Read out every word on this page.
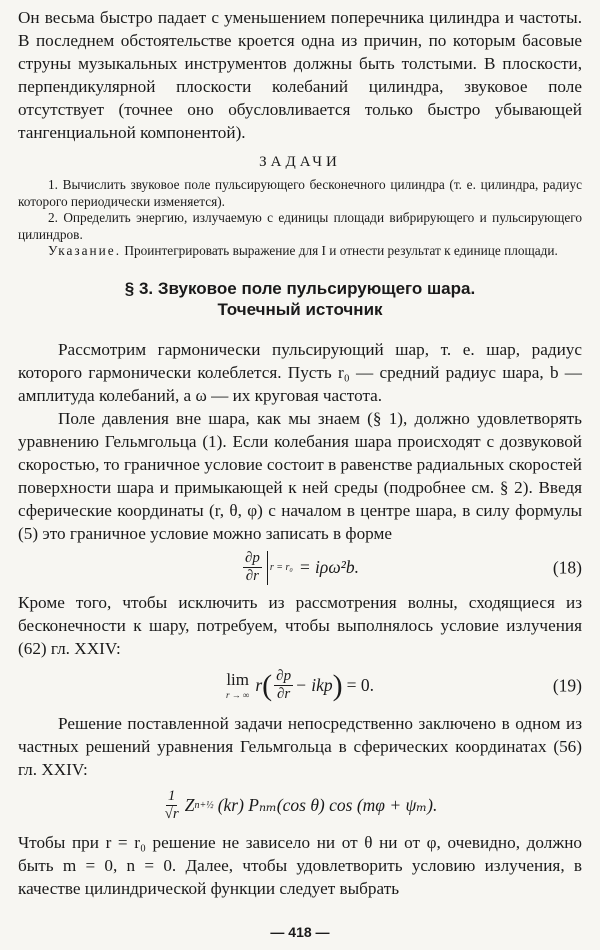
Он весьма быстро падает с уменьшением поперечника цилиндра и частоты. В последнем обстоятельстве кроется одна из причин, по которым басовые струны музыкальных инструментов должны быть толстыми. В плоскости, перпендикулярной плоскости колебаний цилиндра, звуковое поле отсутствует (точнее оно обусловливается только быстро убывающей тангенциальной компонентой).

ЗАДАЧИ

1. Вычислить звуковое поле пульсирующего бесконечного цилиндра (т. е. цилиндра, радиус которого периодически изменяется).

2. Определить энергию, излучаемую с единицы площади вибрирующего и пульсирующего цилиндров.

Указание. Проинтегрировать выражение для I и отнести результат к единице площади.

§ 3. Звуковое поле пульсирующего шара.
Точечный источник

Рассмотрим гармонически пульсирующий шар, т. е. шар, радиус которого гармонически колеблется. Пусть r₀ — средний радиус шара, b — амплитуда колебаний, а ω — их круговая частота.

Поле давления вне шара, как мы знаем (§ 1), должно удовлетворять уравнению Гельмгольца (1). Если колебания шара происходят с дозвуковой скоростью, то граничное условие состоит в равенстве радиальных скоростей поверхности шара и примыкающей к ней среды (подробнее см. § 2). Введя сферические координаты (r, θ, φ) с началом в центре шара, в силу формулы (5) это граничное условие можно записать в форме

$\frac{\partial p}{\partial r}$ r = r₀ = iρω²b.	(18)

Кроме того, чтобы исключить из рассмотрения волны, сходящиеся из бесконечности к шару, потребуем, чтобы выполнялось условие излучения (62) гл. XXIV:

lim
r → ∞ r ( $\frac{\partial p}{\partial r}$ − ikp ) = 0.	(19)

Решение поставленной задачи непосредственно заключено в одном из частных решений уравнения Гельмгольца в сферических координатах (56) гл. XXIV:

$\frac{1}{√r}$ Z n+½ (kr) Pₙₘ(cos θ) cos (mφ + ψₘ).

Чтобы при r = r₀ решение не зависело ни от θ ни от φ, очевидно, должно быть m = 0, n = 0. Далее, чтобы удовлетворить условию излучения, в качестве цилиндрической функции следует выбрать

— 418 —
